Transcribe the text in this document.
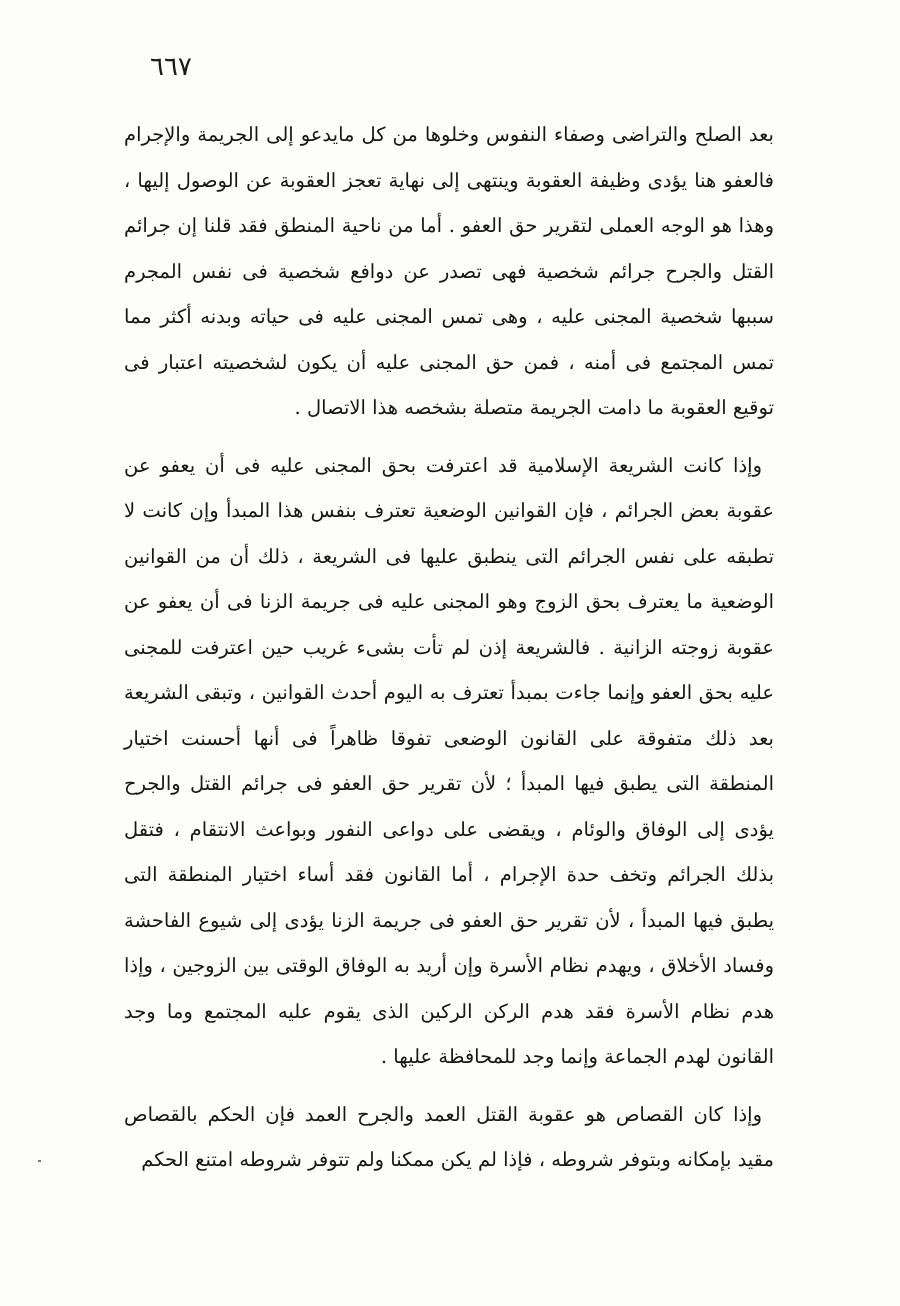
٦٦٧

بعد الصلح والتراضى وصفاء النفوس وخلوها من كل مايدعو إلى الجريمة والإجرام فالعفو هنا يؤدى وظيفة العقوبة وينتهى إلى نهاية تعجز العقوبة عن الوصول إليها ، وهذا هو الوجه العملى لتقرير حق العفو . أما من ناحية المنطق فقد قلنا إن جرائم القتل والجرح جرائم شخصية فهى تصدر عن دوافع شخصية فى نفس المجرم سببها شخصية المجنى عليه ، وهى تمس المجنى عليه فى حياته وبدنه أكثر مما تمس المجتمع فى أمنه ، فمن حق المجنى عليه أن يكون لشخصيته اعتبار فى توقيع العقوبة ما دامت الجريمة متصلة بشخصه هذا الاتصال .

وإذا كانت الشريعة الإسلامية قد اعترفت بحق المجنى عليه فى أن يعفو عن عقوبة بعض الجرائم ، فإن القوانين الوضعية تعترف بنفس هذا المبدأ وإن كانت لا تطبقه على نفس الجرائم التى ينطبق عليها فى الشريعة ، ذلك أن من القوانين الوضعية ما يعترف بحق الزوج وهو المجنى عليه فى جريمة الزنا فى أن يعفو عن عقوبة زوجته الزانية . فالشريعة إذن لم تأت بشىء غريب حين اعترفت للمجنى عليه بحق العفو وإنما جاءت بمبدأ تعترف به اليوم أحدث القوانين ، وتبقى الشريعة بعد ذلك متفوقة على القانون الوضعى تفوقا ظاهراً فى أنها أحسنت اختيار المنطقة التى يطبق فيها المبدأ ؛ لأن تقرير حق العفو فى جرائم القتل والجرح يؤدى إلى الوفاق والوئام ، ويقضى على دواعى النفور وبواعث الانتقام ، فتقل بذلك الجرائم وتخف حدة الإجرام ، أما القانون فقد أساء اختيار المنطقة التى يطبق فيها المبدأ ، لأن تقرير حق العفو فى جريمة الزنا يؤدى إلى شيوع الفاحشة وفساد الأخلاق ، ويهدم نظام الأسرة وإن أريد به الوفاق الوقتى بين الزوجين ، وإذا هدم نظام الأسرة فقد هدم الركن الركين الذى يقوم عليه المجتمع وما وجد القانون لهدم الجماعة وإنما وجد للمحافظة عليها .

وإذا كان القصاص هو عقوبة القتل العمد والجرح العمد فإن الحكم بالقصاص مقيد بإمكانه وبتوفر شروطه ، فإذا لم يكن ممكنا ولم تتوفر شروطه امتنع الحكم
